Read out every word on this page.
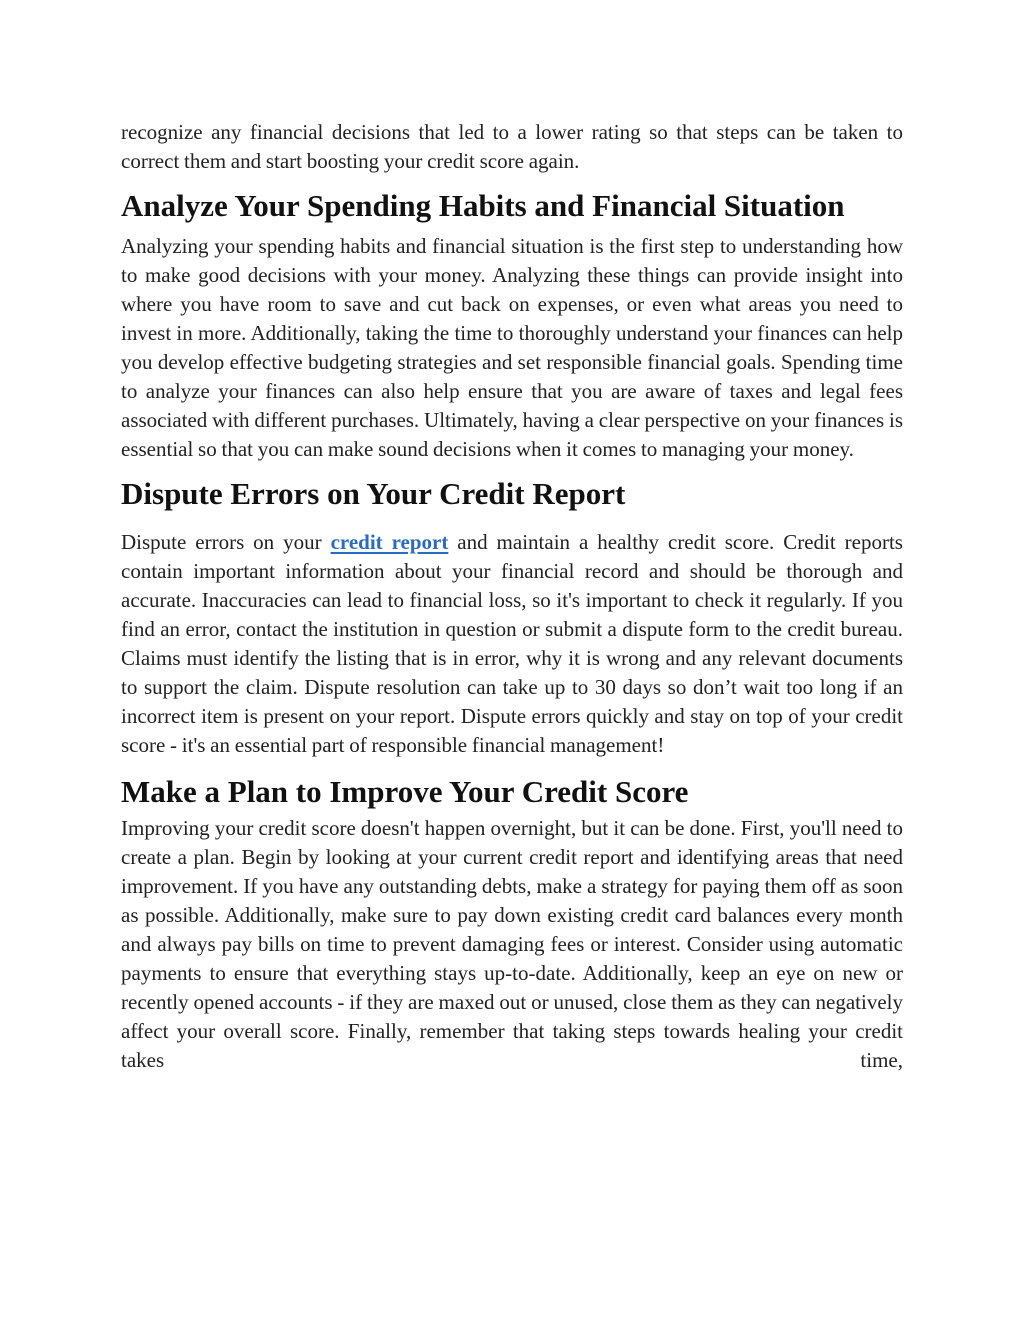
recognize any financial decisions that led to a lower rating so that steps can be taken to correct them and start boosting your credit score again.

Analyze Your Spending Habits and Financial Situation

Analyzing your spending habits and financial situation is the first step to understanding how to make good decisions with your money. Analyzing these things can provide insight into where you have room to save and cut back on expenses, or even what areas you need to invest in more. Additionally, taking the time to thoroughly understand your finances can help you develop effective budgeting strategies and set responsible financial goals. Spending time to analyze your finances can also help ensure that you are aware of taxes and legal fees associated with different purchases. Ultimately, having a clear perspective on your finances is essential so that you can make sound decisions when it comes to managing your money.

Dispute Errors on Your Credit Report

Dispute errors on your credit report and maintain a healthy credit score. Credit reports contain important information about your financial record and should be thorough and accurate. Inaccuracies can lead to financial loss, so it's important to check it regularly. If you find an error, contact the institution in question or submit a dispute form to the credit bureau. Claims must identify the listing that is in error, why it is wrong and any relevant documents to support the claim. Dispute resolution can take up to 30 days so don’t wait too long if an incorrect item is present on your report. Dispute errors quickly and stay on top of your credit score - it's an essential part of responsible financial management!

Make a Plan to Improve Your Credit Score

Improving your credit score doesn't happen overnight, but it can be done. First, you'll need to create a plan. Begin by looking at your current credit report and identifying areas that need improvement. If you have any outstanding debts, make a strategy for paying them off as soon as possible. Additionally, make sure to pay down existing credit card balances every month and always pay bills on time to prevent damaging fees or interest. Consider using automatic payments to ensure that everything stays up-to-date. Additionally, keep an eye on new or recently opened accounts - if they are maxed out or unused, close them as they can negatively affect your overall score. Finally, remember that taking steps towards healing your credit takes time,
